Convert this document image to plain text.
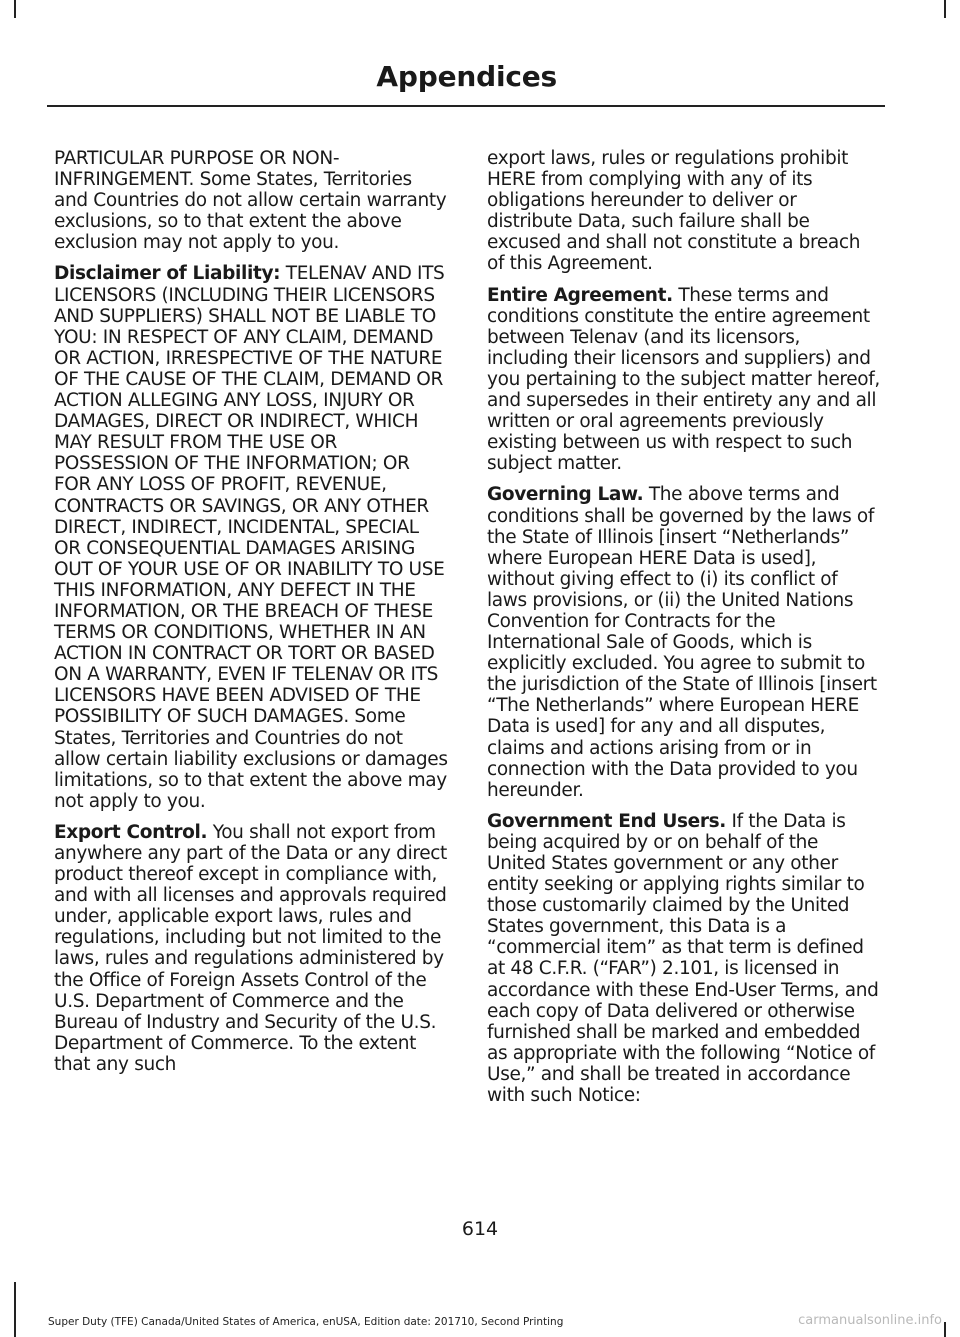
Appendices

PARTICULAR PURPOSE OR NON-INFRINGEMENT. Some States, Territories and Countries do not allow certain warranty exclusions, so to that extent the above exclusion may not apply to you.

Disclaimer of Liability: TELENAV AND ITS LICENSORS (INCLUDING THEIR LICENSORS AND SUPPLIERS) SHALL NOT BE LIABLE TO YOU: IN RESPECT OF ANY CLAIM, DEMAND OR ACTION, IRRESPECTIVE OF THE NATURE OF THE CAUSE OF THE CLAIM, DEMAND OR ACTION ALLEGING ANY LOSS, INJURY OR DAMAGES, DIRECT OR INDIRECT, WHICH MAY RESULT FROM THE USE OR POSSESSION OF THE INFORMATION; OR FOR ANY LOSS OF PROFIT, REVENUE, CONTRACTS OR SAVINGS, OR ANY OTHER DIRECT, INDIRECT, INCIDENTAL, SPECIAL OR CONSEQUENTIAL DAMAGES ARISING OUT OF YOUR USE OF OR INABILITY TO USE THIS INFORMATION, ANY DEFECT IN THE INFORMATION, OR THE BREACH OF THESE TERMS OR CONDITIONS, WHETHER IN AN ACTION IN CONTRACT OR TORT OR BASED ON A WARRANTY, EVEN IF TELENAV OR ITS LICENSORS HAVE BEEN ADVISED OF THE POSSIBILITY OF SUCH DAMAGES. Some States, Territories and Countries do not allow certain liability exclusions or damages limitations, so to that extent the above may not apply to you.

Export Control. You shall not export from anywhere any part of the Data or any direct product thereof except in compliance with, and with all licenses and approvals required under, applicable export laws, rules and regulations, including but not limited to the laws, rules and regulations administered by the Office of Foreign Assets Control of the U.S. Department of Commerce and the Bureau of Industry and Security of the U.S. Department of Commerce. To the extent that any such

export laws, rules or regulations prohibit HERE from complying with any of its obligations hereunder to deliver or distribute Data, such failure shall be excused and shall not constitute a breach of this Agreement.

Entire Agreement. These terms and conditions constitute the entire agreement between Telenav (and its licensors, including their licensors and suppliers) and you pertaining to the subject matter hereof, and supersedes in their entirety any and all written or oral agreements previously existing between us with respect to such subject matter.

Governing Law. The above terms and conditions shall be governed by the laws of the State of Illinois [insert “Netherlands” where European HERE Data is used], without giving effect to (i) its conflict of laws provisions, or (ii) the United Nations Convention for Contracts for the International Sale of Goods, which is explicitly excluded. You agree to submit to the jurisdiction of the State of Illinois [insert “The Netherlands” where European HERE Data is used] for any and all disputes, claims and actions arising from or in connection with the Data provided to you hereunder.

Government End Users. If the Data is being acquired by or on behalf of the United States government or any other entity seeking or applying rights similar to those customarily claimed by the United States government, this Data is a “commercial item” as that term is defined at 48 C.F.R. (“FAR”) 2.101, is licensed in accordance with these End-User Terms, and each copy of Data delivered or otherwise furnished shall be marked and embedded as appropriate with the following “Notice of Use,” and shall be treated in accordance with such Notice:

614
Super Duty (TFE) Canada/United States of America, enUSA, Edition date: 201710, Second Printing	carmanualsonline.info
